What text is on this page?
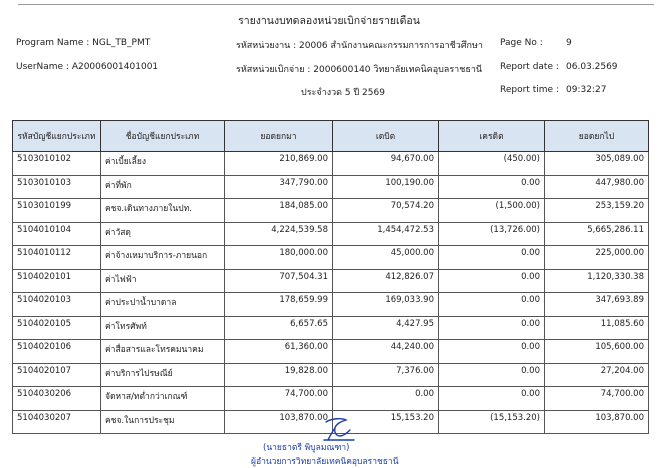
รายงานงบทดลองหน่วยเบิกจ่ายรายเดือน
Program Name : NGL_TB_PMT
UserName : A20006001401001
รหัสหน่วยงาน : 20006 สำนักงานคณะกรรมการการอาชีวศึกษา
รหัสหน่วยเบิกจ่าย : 2000600140 วิทยาลัยเทคนิคอุบลราชธานี
ประจำงวด 5 ปี 2569
Page No :	9
Report date : 06.03.2569
Report time : 09:32:27
รหัสบัญชีแยกประเภท	ชื่อบัญชีแยกประเภท	ยอดยกมา	เดบิต	เครดิต	ยอดยกไป
5103010102	ค่าเบี้ยเลี้ยง	210,869.00	94,670.00	(450.00)	305,089.00
5103010103	ค่าที่พัก	347,790.00	100,190.00	0.00	447,980.00
5103010199	คชจ.เดินทางภายในปท.	184,085.00	70,574.20	(1,500.00)	253,159.20
5104010104	ค่าวัสดุ	4,224,539.58	1,454,472.53	(13,726.00)	5,665,286.11
5104010112	ค่าจ้างเหมาบริการ-ภายนอก	180,000.00	45,000.00	0.00	225,000.00
5104020101	ค่าไฟฟ้า	707,504.31	412,826.07	0.00	1,120,330.38
5104020103	ค่าประปาน้ำบาดาล	178,659.99	169,033.90	0.00	347,693.89
5104020105	ค่าโทรศัพท์	6,657.65	4,427.95	0.00	11,085.60
5104020106	ค่าสื่อสารและโทรคมนาคม	61,360.00	44,240.00	0.00	105,600.00
5104020107	ค่าบริการไปรษณีย์	19,828.00	7,376.00	0.00	27,204.00
5104030206	จัดหาส/ทต่ำกว่าเกณฑ์	74,700.00	0.00	0.00	74,700.00
5104030207	คชจ.ในการประชุม	103,870.00	15,153.20	(15,153.20)	103,870.00
(นายธาตรี พิบูลมณฑา)
ผู้อำนวยการวิทยาลัยเทคนิคอุบลราชธานี
